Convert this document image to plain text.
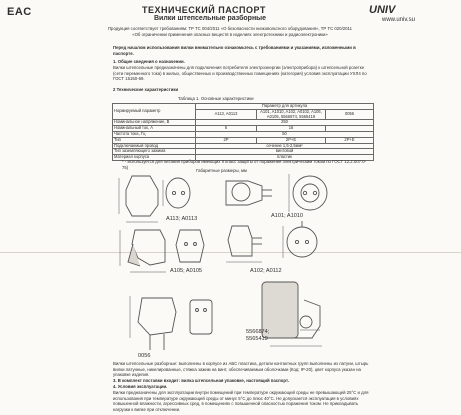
EAC	ТЕХНИЧЕСКИЙ ПАСПОРТ
Вилки штепсельные разборные
UNIV
www.univ.su
Продукция соответствует требованиям: ТР ТС 004/2011 «О безопасности низковольтного оборудования», ТР ТС 020/2011 «Об ограничении применения опасных веществ в изделиях электротехники и радиоэлектроники»
Перед началом использования вилки внимательно ознакомьтесь с требованиями и указаниями, изложенными в паспорте.
1. Общие сведения о назначении.
Вилки штепсельные предназначены для подключения потребителя электроэнергии (электроприбора) к штепсельной розетке (сети переменного тока) в жилых, общественных и производственных помещениях (категория) условия эксплуатации УХЛ4 по ГОСТ 15150-69.
2 Технические характеристики
Таблица 1. Основные характеристики
Нормируемый параметр	Параметр для артикула		
	A113, A0113	A101, A1010, A102, A0102, A105, A0105, 5566874, 5565419	0056
Номинальное напряжение, В	250		
Номинальный ток, А	6	16	
Частота тока, Гц	50		
Тип	2P	2P+E	2P+E
Подключаемый провод	сечение 1,5-2,5мм²		
Тип заземляющего зажима	винтовой		
Материал корпуса	пластик		
* - используется для питания приборов имеющих II класс защиты от поражения электрическим током по ГОСТ 12.2.007.0-75)
Габаритные размеры, мм
A113; A0113	A101; A1010
A105; A0105	A102; A0112
5566874;
5565419
0056
Вилки штепсельные разборные: выполнены в корпусе из АБС пластика, детали контактных групп выполнены из латуни, штырь вилки латунные, никелированные, стяжка зажим на винт, обеспечиваемым оболочками (Код: IP-20), цвет корпуса указан на упаковке изделия.
3. В комплект поставки входит: вилка штепсельная упаковке, настоящий паспорт.
4. Условия эксплуатации.
Вилки предназначены для эксплуатации внутри помещений при температуре окружающей среды не превышающей 25°С и для использования при температуре окружающей среды от минус 5°С до плюс 40°С. Не допускается эксплуатация в условиях повышенной влажности, агрессивных сред, в помещениях с повышенной опасностью поражения током. Не прикладывать нагрузки к вилке при отключении.
